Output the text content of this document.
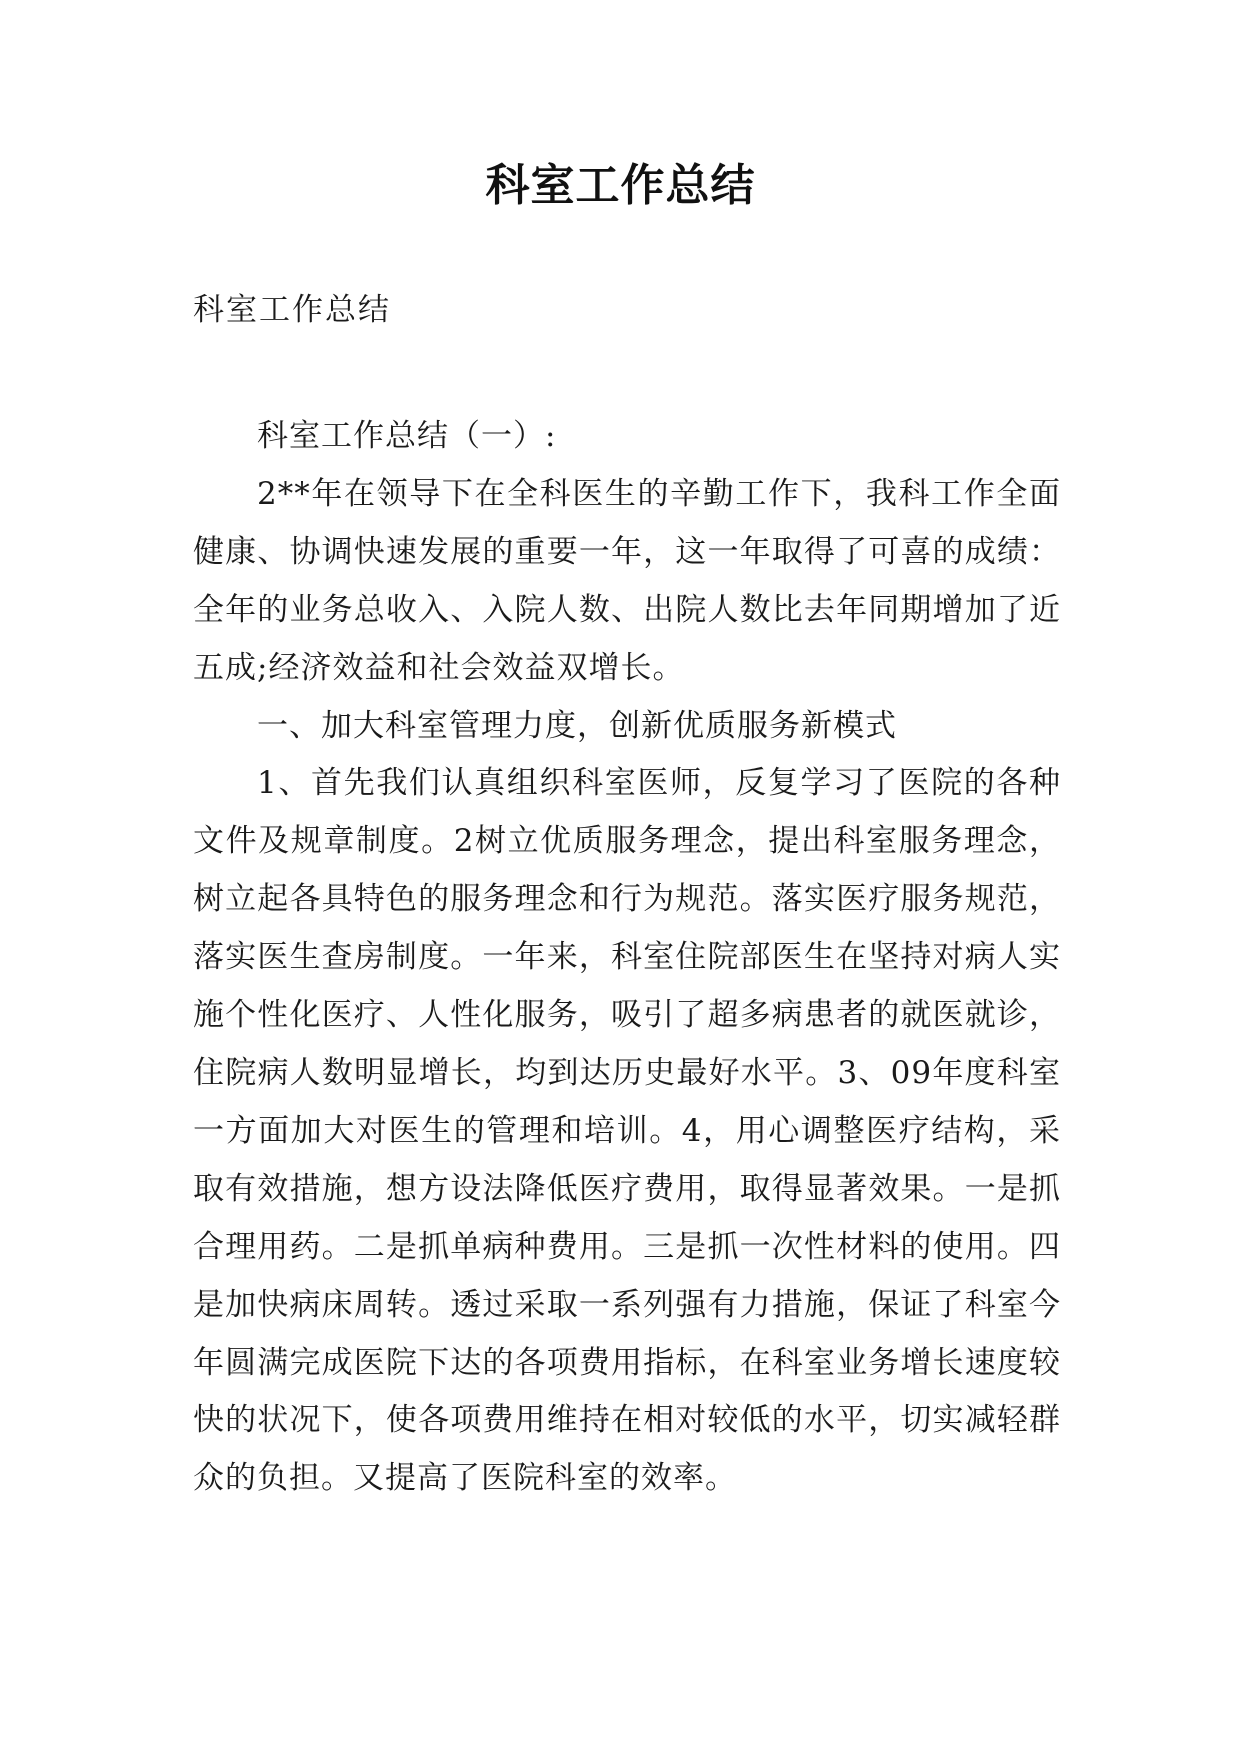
科室工作总结

科室工作总结

科室工作总结（一）:

2**年在领导下在全科医生的辛勤工作下，我科工作全面健康、协调快速发展的重要一年，这一年取得了可喜的成绩：全年的业务总收入、入院人数、出院人数比去年同期增加了近五成;经济效益和社会效益双增长。

一、加大科室管理力度，创新优质服务新模式

1、首先我们认真组织科室医师，反复学习了医院的各种文件及规章制度。2树立优质服务理念，提出科室服务理念，树立起各具特色的服务理念和行为规范。落实医疗服务规范，落实医生查房制度。一年来，科室住院部医生在坚持对病人实施个性化医疗、人性化服务，吸引了超多病患者的就医就诊，住院病人数明显增长，均到达历史最好水平。3、09年度科室一方面加大对医生的管理和培训。4，用心调整医疗结构，采取有效措施，想方设法降低医疗费用，取得显著效果。一是抓合理用药。二是抓单病种费用。三是抓一次性材料的使用。四是加快病床周转。透过采取一系列强有力措施，保证了科室今年圆满完成医院下达的各项费用指标，在科室业务增长速度较快的状况下，使各项费用维持在相对较低的水平，切实减轻群众的负担。又提高了医院科室的效率。
